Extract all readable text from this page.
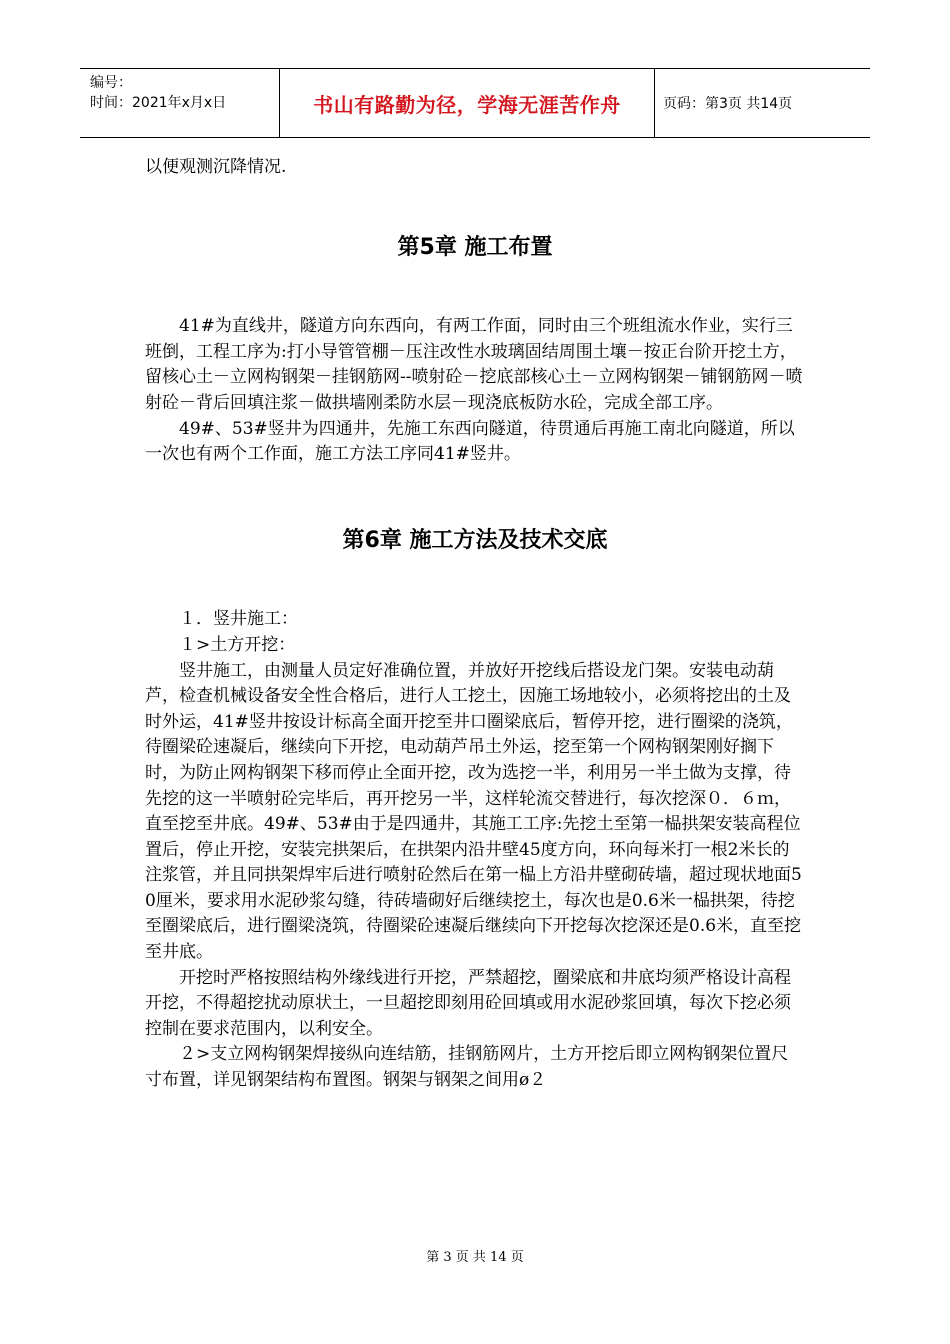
编号：
时间：2021年x月x日	书山有路勤为径，学海无涯苦作舟	页码：第3页 共14页

以便观测沉降情况.

第5章 施工布置

　　41#为直线井，隧道方向东西向，有两工作面，同时由三个班组流水作业，实行三班倒，工程工序为:打小导管管棚－压注改性水玻璃固结周围土壤－按正台阶开挖土方，留核心土－立网构钢架－挂钢筋网--喷射砼－挖底部核心土－立网构钢架－铺钢筋网－喷射砼－背后回填注浆－做拱墙刚柔防水层－现浇底板防水砼，完成全部工序。

　　49#、53#竖井为四通井，先施工东西向隧道，待贯通后再施工南北向隧道，所以一次也有两个工作面，施工方法工序同41#竖井。

第6章 施工方法及技术交底

　　１．竖井施工：

　　１>土方开挖：

　　竖井施工，由测量人员定好准确位置，并放好开挖线后搭设龙门架。安装电动葫芦，检查机械设备安全性合格后，进行人工挖土，因施工场地较小，必须将挖出的土及时外运，41#竖井按设计标高全面开挖至井口圈梁底后，暂停开挖，进行圈梁的浇筑，待圈梁砼速凝后，继续向下开挖，电动葫芦吊土外运，挖至第一个网构钢架刚好搁下时，为防止网构钢架下移而停止全面开挖，改为选挖一半，利用另一半土做为支撑，待先挖的这一半喷射砼完毕后，再开挖另一半，这样轮流交替进行，每次挖深０．６ｍ，直至挖至井底。49#、53#由于是四通井，其施工工序:先挖土至第一榀拱架安装高程位置后，停止开挖，安装完拱架后，在拱架内沿井壁45度方向，环向每米打一根2米长的注浆管，并且同拱架焊牢后进行喷射砼然后在第一榀上方沿井壁砌砖墙，超过现状地面50厘米，要求用水泥砂浆勾缝，待砖墙砌好后继续挖土，每次也是0.6米一榀拱架，待挖至圈梁底后，进行圈梁浇筑，待圈梁砼速凝后继续向下开挖每次挖深还是0.6米，直至挖至井底。

　　开挖时严格按照结构外缘线进行开挖，严禁超挖，圈梁底和井底均须严格设计高程开挖，不得超挖扰动原状土，一旦超挖即刻用砼回填或用水泥砂浆回填，每次下挖必须控制在要求范围内，以利安全。

　　２>支立网构钢架焊接纵向连结筋，挂钢筋网片，土方开挖后即立网构钢架位置尺寸布置，详见钢架结构布置图。钢架与钢架之间用ø２

第 3 页 共 14 页
